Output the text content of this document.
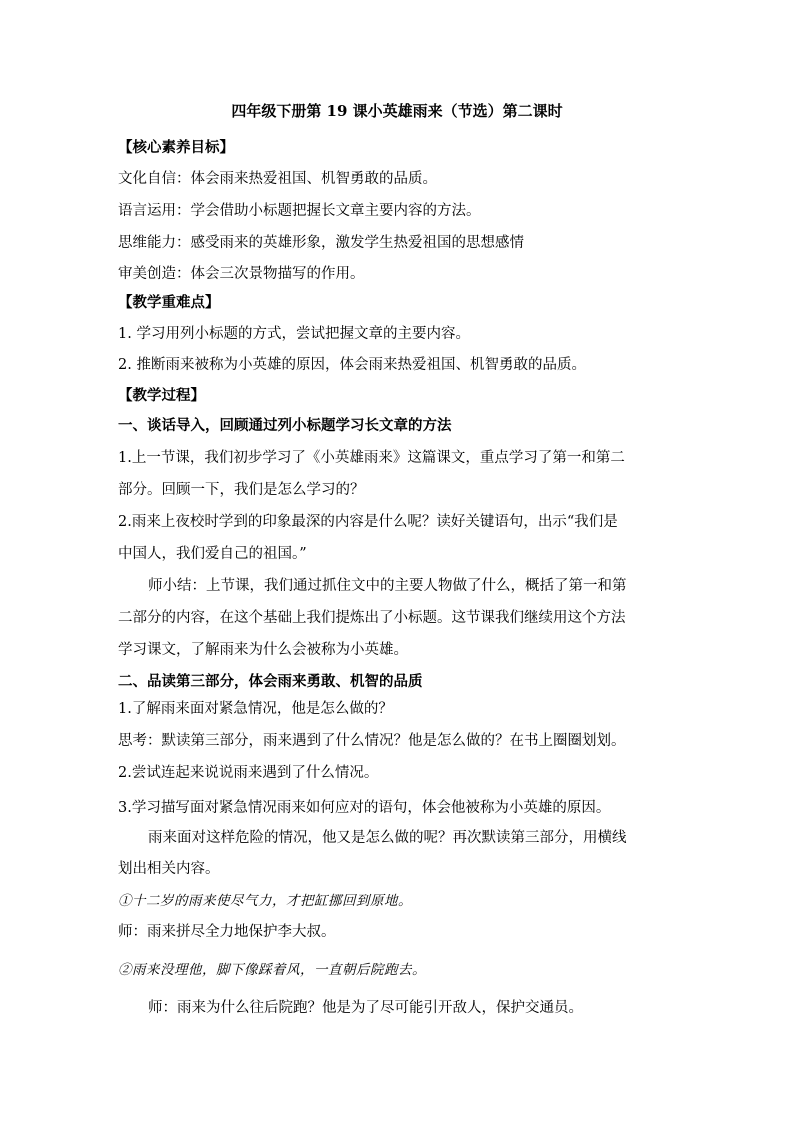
四年级下册第 19 课小英雄雨来（节选）第二课时
【核心素养目标】
文化自信：体会雨来热爱祖国、机智勇敢的品质。
语言运用：学会借助小标题把握长文章主要内容的方法。
思维能力：感受雨来的英雄形象，激发学生热爱祖国的思想感情
审美创造：体会三次景物描写的作用。
【教学重难点】
1. 学习用列小标题的方式，尝试把握文章的主要内容。
2. 推断雨来被称为小英雄的原因，体会雨来热爱祖国、机智勇敢的品质。
【教学过程】
一、谈话导入，回顾通过列小标题学习长文章的方法
1.上一节课，我们初步学习了《小英雄雨来》这篇课文，重点学习了第一和第二
部分。回顾一下，我们是怎么学习的？
2.雨来上夜校时学到的印象最深的内容是什么呢？读好关键语句，出示“我们是
中国人，我们爱自己的祖国。”
师小结：上节课，我们通过抓住文中的主要人物做了什么，概括了第一和第
二部分的内容，在这个基础上我们提炼出了小标题。这节课我们继续用这个方法
学习课文，了解雨来为什么会被称为小英雄。
二、品读第三部分，体会雨来勇敢、机智的品质
1.了解雨来面对紧急情况，他是怎么做的？
思考：默读第三部分，雨来遇到了什么情况？他是怎么做的？在书上圈圈划划。
2.尝试连起来说说雨来遇到了什么情况。
3.学习描写面对紧急情况雨来如何应对的语句，体会他被称为小英雄的原因。
雨来面对这样危险的情况，他又是怎么做的呢？再次默读第三部分，用横线
划出相关内容。
①十二岁的雨来使尽气力，才把缸挪回到原地。
师：雨来拼尽全力地保护李大叔。
②雨来没理他，脚下像踩着风，一直朝后院跑去。
师：雨来为什么往后院跑？他是为了尽可能引开敌人，保护交通员。
